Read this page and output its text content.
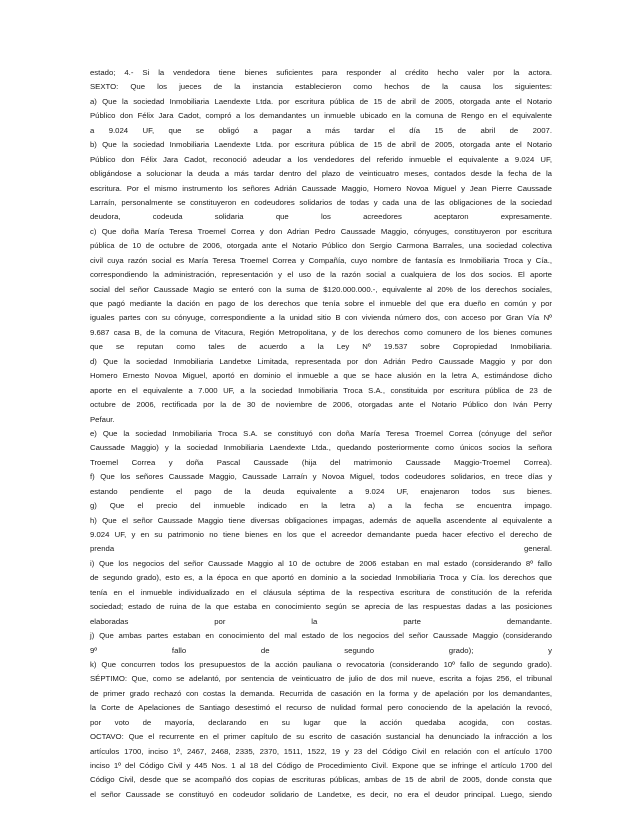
estado; 4.- Si la vendedora tiene bienes suficientes para responder al crédito hecho valer por la actora.
SEXTO: Que los jueces de la instancia establecieron como hechos de la causa los siguientes:
a) Que la sociedad Inmobiliaria Laendexte Ltda. por escritura pública de 15 de abril de 2005, otorgada ante el Notario
Público don Félix Jara Cadot, compró a los demandantes un inmueble ubicado en la comuna de Rengo en el equivalente
a 9.024 UF, que se obligó a pagar a más tardar el día 15 de abril de 2007.
b) Que la sociedad Inmobiliaria Laendexte Ltda. por escritura pública de 15 de abril de 2005, otorgada ante el Notario
Público don Félix Jara Cadot, reconoció adeudar a los vendedores del referido inmueble el equivalente a 9.024 UF,
obligándose a solucionar la deuda a más tardar dentro del plazo de veinticuatro meses, contados desde la fecha de la
escritura. Por el mismo instrumento los señores Adrián Caussade Maggio, Homero Novoa Miguel y Jean Pierre Caussade
Larraín, personalmente se constituyeron en codeudores solidarios de todas y cada una de las obligaciones de la sociedad
deudora, codeuda solidaria que los acreedores aceptaron expresamente.
c) Que doña María Teresa Troemel Correa y don Adrian Pedro Caussade Maggio, cónyuges, constituyeron por escritura
pública de 10 de octubre de 2006, otorgada ante el Notario Público don Sergio Carmona Barrales, una sociedad colectiva
civil cuya razón social es María Teresa Troemel Correa y Compañía, cuyo nombre de fantasía es Inmobiliaria Troca y Cía.,
correspondiendo la administración, representación y el uso de la razón social a cualquiera de los dos socios. El aporte
social del señor Caussade Magio se enteró con la suma de $120.000.000.-, equivalente al 20% de los derechos sociales,
que pagó mediante la dación en pago de los derechos que tenía sobre el inmueble del que era dueño en común y por
iguales partes con su cónyuge, correspondiente a la unidad sitio B con vivienda número dos, con acceso por Gran Vía Nº
9.687 casa B, de la comuna de Vitacura, Región Metropolitana, y de los derechos como comunero de los bienes comunes
que se reputan como tales de acuerdo a la Ley Nº 19.537 sobre Copropiedad Inmobiliaria.
d) Que la sociedad Inmobiliaria Landetxe Limitada, representada por don Adrián Pedro Caussade Maggio y por don
Homero Ernesto Novoa Miguel, aportó en dominio el inmueble a que se hace alusión en la letra A, estimándose dicho
aporte en el equivalente a 7.000 UF, a la sociedad Inmobiliaria Troca S.A., constituida por escritura pública de 23 de
octubre de 2006, rectificada por la de 30 de noviembre de 2006, otorgadas ante el Notario Público don Iván Perry
Pefaur.
e) Que la sociedad Inmobiliaria Troca S.A. se constituyó con doña María Teresa Troemel Correa (cónyuge del señor
Caussade Maggio) y la sociedad Inmobiliaria Laendexte Ltda., quedando posteriormente como únicos socios la señora
Troemel Correa y doña Pascal Caussade (hija del matrimonio Caussade Maggio-Troemel Correa).
f) Que los señores Caussade Maggio, Caussade Larraín y Novoa Miguel, todos codeudores solidarios, en trece días y
estando pendiente el pago de la deuda equivalente a 9.024 UF, enajenaron todos sus bienes.
g) Que el precio del inmueble indicado en la letra a) a la fecha se encuentra impago.
h) Que el señor Caussade Maggio tiene diversas obligaciones impagas, además de aquella ascendente al equivalente a
9.024 UF, y en su patrimonio no tiene bienes en los que el acreedor demandante pueda hacer efectivo el derecho de
prenda general.
i) Que los negocios del señor Caussade Maggio al 10 de octubre de 2006 estaban en mal estado (considerando 8º fallo
de segundo grado), esto es, a la época en que aportó en dominio a la sociedad Inmobiliaria Troca y Cía. los derechos que
tenía en el inmueble individualizado en el cláusula séptima de la respectiva escritura de constitución de la referida
sociedad; estado de ruina de la que estaba en conocimiento según se aprecia de las respuestas dadas a las posiciones
elaboradas por la parte demandante.
j) Que ambas partes estaban en conocimiento del mal estado de los negocios del señor Caussade Maggio (considerando
9º fallo de segundo grado); y
k) Que concurren todos los presupuestos de la acción pauliana o revocatoria (considerando 10º fallo de segundo grado).
SÉPTIMO: Que, como se adelantó, por sentencia de veinticuatro de julio de dos mil nueve, escrita a fojas 256, el tribunal
de primer grado rechazó con costas la demanda. Recurrida de casación en la forma y de apelación por los demandantes,
la Corte de Apelaciones de Santiago desestimó el recurso de nulidad formal pero conociendo de la apelación la revocó,
por voto de mayoría, declarando en su lugar que la acción quedaba acogida, con costas.
OCTAVO: Que el recurrente en el primer capítulo de su escrito de casación sustancial ha denunciado la infracción a los
artículos 1700, inciso 1º, 2467, 2468, 2335, 2370, 1511, 1522, 19 y 23 del Código Civil en relación con el artículo 1700
inciso 1º del Código Civil y 445 Nos. 1 al 18 del Código de Procedimiento Civil. Expone que se infringe el artículo 1700 del
Código Civil, desde que se acompañó dos copias de escrituras públicas, ambas de 15 de abril de 2005, donde consta que
el señor Caussade se constituyó en codeudor solidario de Landetxe, es decir, no era el deudor principal. Luego, siendo
